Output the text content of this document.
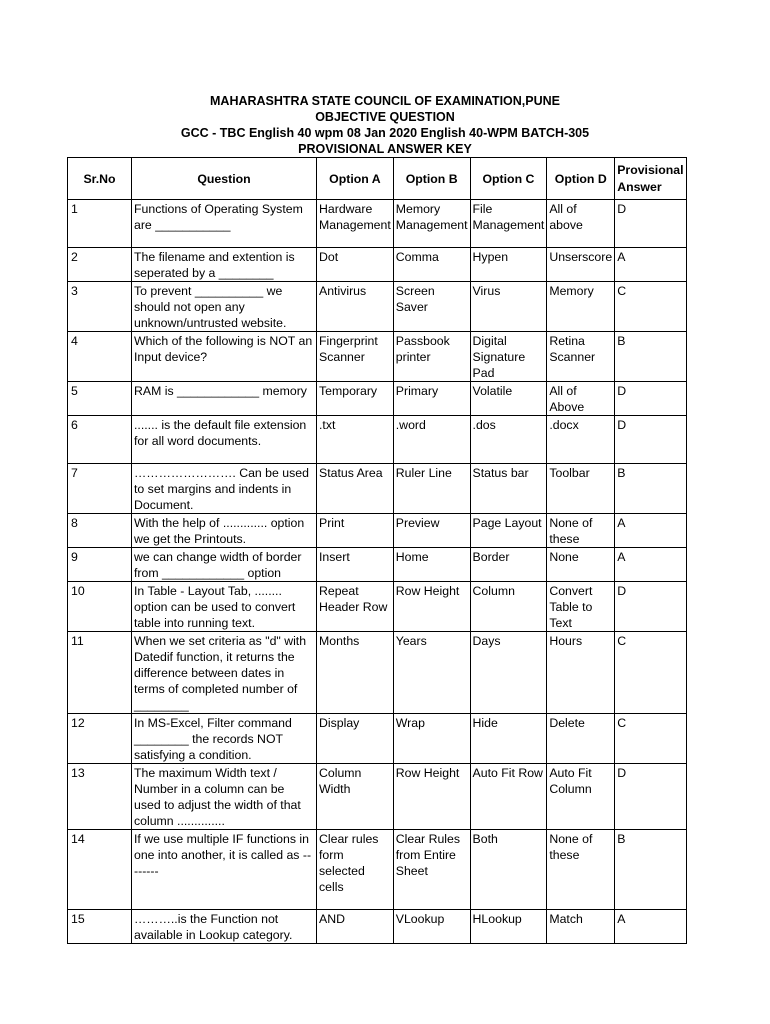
MAHARASHTRA STATE COUNCIL OF EXAMINATION,PUNE
OBJECTIVE QUESTION
GCC - TBC English 40 wpm 08 Jan 2020 English 40-WPM BATCH-305
PROVISIONAL ANSWER KEY
Sr.No	Question	Option A	Option B	Option C	Option D	Provisional Answer
1	Functions of Operating System are ___________	Hardware Management	Memory Management	File Management	All of above	D
2	The filename and extention is seperated by a ________	Dot	Comma	Hypen	Unserscore	A
3	To prevent __________ we should not open any unknown/untrusted website.	Antivirus	Screen Saver	Virus	Memory	C
4	Which of the following is NOT an Input device?	Fingerprint Scanner	Passbook printer	Digital Signature Pad	Retina Scanner	B
5	RAM is ____________ memory	Temporary	Primary	Volatile	All of Above	D
6	....... is the default file extension for all word documents.	.txt	.word	.dos	.docx	D
7	……………………. Can be used to set margins and indents in Document.	Status Area	Ruler Line	Status bar	Toolbar	B
8	With the help of ............. option we get the Printouts.	Print	Preview	Page Layout	None of these	A
9	we can change width of border from ____________ option	Insert	Home	Border	None	A
10	In Table - Layout Tab, ........ option can be used to convert table into running text.	Repeat Header Row	Row Height	Column	Convert Table to Text	D
11	When we set criteria as "d" with Datedif function, it returns the difference between dates in terms of completed number of ________	Months	Years	Days	Hours	C
12	In MS-Excel, Filter command ________ the records NOT satisfying a condition.	Display	Wrap	Hide	Delete	C
13	The maximum Width text / Number in a column can be used to adjust the width of that column ..............	Column Width	Row Height	Auto Fit Row	Auto Fit Column	D
14	If we use multiple IF functions in one into another, it is called as --------	Clear rules form selected cells	Clear Rules from Entire Sheet	Both	None of these	B
15	………..is the Function not available in Lookup category.	AND	VLookup	HLookup	Match	A
